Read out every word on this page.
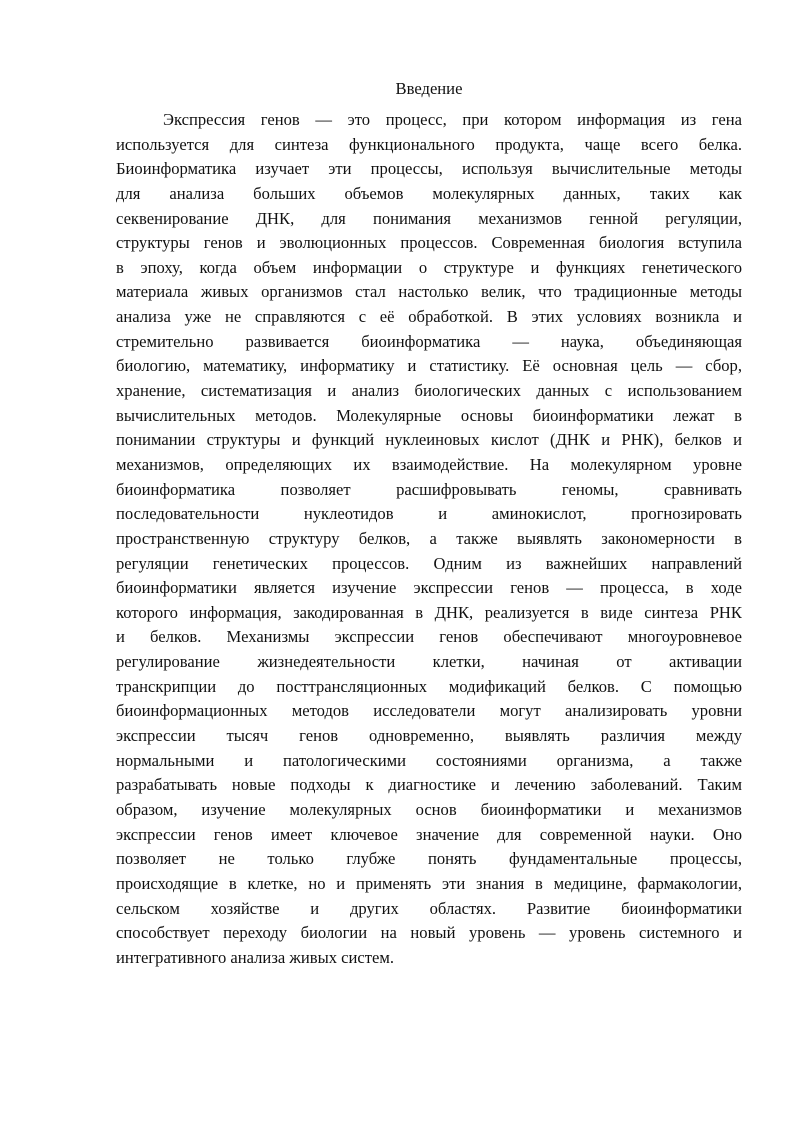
Введение
Экспрессия генов — это процесс, при котором информация из гена
используется для синтеза функционального продукта, чаще всего белка.
Биоинформатика изучает эти процессы, используя вычислительные методы
для анализа больших объемов молекулярных данных, таких как
секвенирование ДНК, для понимания механизмов генной регуляции,
структуры генов и эволюционных процессов. Современная биология вступила
в эпоху, когда объем информации о структуре и функциях генетического
материала живых организмов стал настолько велик, что традиционные методы
анализа уже не справляются с её обработкой. В этих условиях возникла и
стремительно развивается биоинформатика — наука, объединяющая
биологию, математику, информатику и статистику. Её основная цель — сбор,
хранение, систематизация и анализ биологических данных с использованием
вычислительных методов. Молекулярные основы биоинформатики лежат в
понимании структуры и функций нуклеиновых кислот (ДНК и РНК), белков и
механизмов, определяющих их взаимодействие. На молекулярном уровне
биоинформатика позволяет расшифровывать геномы, сравнивать
последовательности нуклеотидов и аминокислот, прогнозировать
пространственную структуру белков, а также выявлять закономерности в
регуляции генетических процессов. Одним из важнейших направлений
биоинформатики является изучение экспрессии генов — процесса, в ходе
которого информация, закодированная в ДНК, реализуется в виде синтеза РНК
и белков. Механизмы экспрессии генов обеспечивают многоуровневое
регулирование жизнедеятельности клетки, начиная от активации
транскрипции до посттрансляционных модификаций белков. С помощью
биоинформационных методов исследователи могут анализировать уровни
экспрессии тысяч генов одновременно, выявлять различия между
нормальными и патологическими состояниями организма, а также
разрабатывать новые подходы к диагностике и лечению заболеваний. Таким
образом, изучение молекулярных основ биоинформатики и механизмов
экспрессии генов имеет ключевое значение для современной науки. Оно
позволяет не только глубже понять фундаментальные процессы,
происходящие в клетке, но и применять эти знания в медицине, фармакологии,
сельском хозяйстве и других областях. Развитие биоинформатики
способствует переходу биологии на новый уровень — уровень системного и
интегративного анализа живых систем.
